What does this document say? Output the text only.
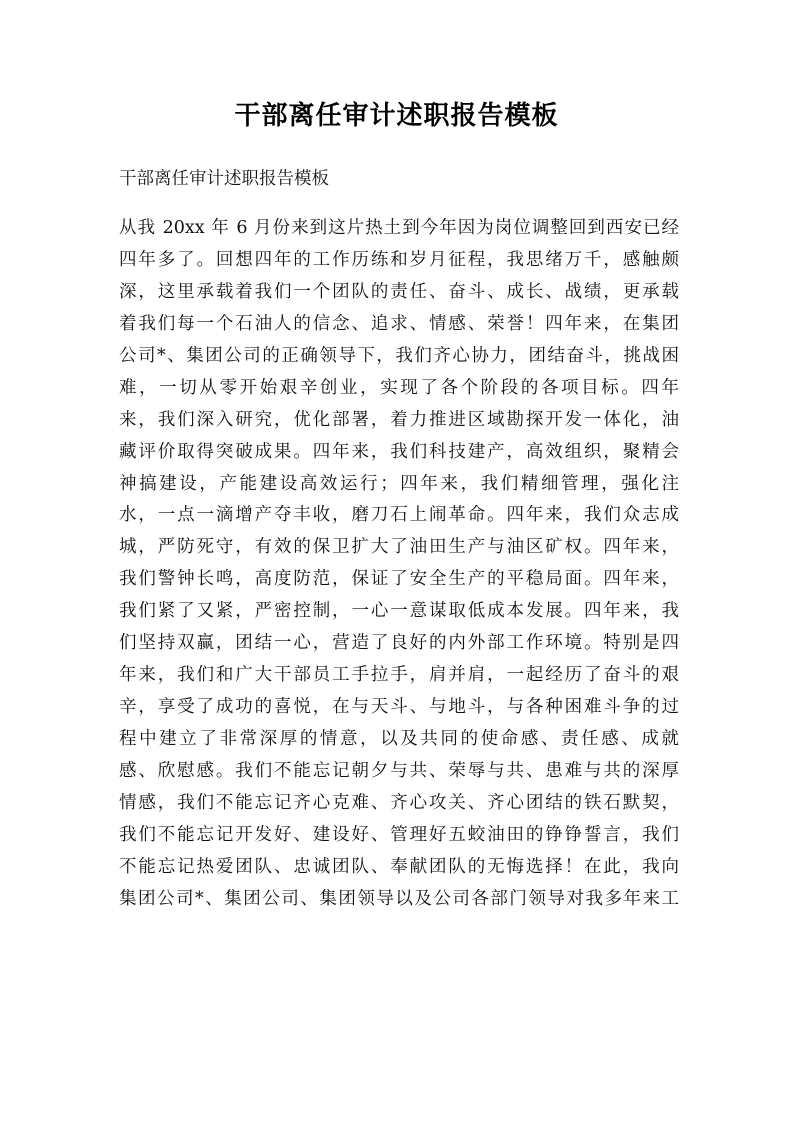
干部离任审计述职报告模板
干部离任审计述职报告模板
从我 20xx 年 6 月份来到这片热土到今年因为岗位调整回到西安已经
四年多了。回想四年的工作历练和岁月征程，我思绪万千，感触颇
深，这里承载着我们一个团队的责任、奋斗、成长、战绩，更承载
着我们每一个石油人的信念、追求、情感、荣誉！四年来，在集团
公司*、集团公司的正确领导下，我们齐心协力，团结奋斗，挑战困
难，一切从零开始艰辛创业，实现了各个阶段的各项目标。四年
来，我们深入研究，优化部署，着力推进区域勘探开发一体化，油
藏评价取得突破成果。四年来，我们科技建产，高效组织，聚精会
神搞建设，产能建设高效运行；四年来，我们精细管理，强化注
水，一点一滴增产夺丰收，磨刀石上闹革命。四年来，我们众志成
城，严防死守，有效的保卫扩大了油田生产与油区矿权。四年来，
我们警钟长鸣，高度防范，保证了安全生产的平稳局面。四年来，
我们紧了又紧，严密控制，一心一意谋取低成本发展。四年来，我
们坚持双赢，团结一心，营造了良好的内外部工作环境。特别是四
年来，我们和广大干部员工手拉手，肩并肩，一起经历了奋斗的艰
辛，享受了成功的喜悦，在与天斗、与地斗，与各种困难斗争的过
程中建立了非常深厚的情意，以及共同的使命感、责任感、成就
感、欣慰感。我们不能忘记朝夕与共、荣辱与共、患难与共的深厚
情感，我们不能忘记齐心克难、齐心攻关、齐心团结的铁石默契，
我们不能忘记开发好、建设好、管理好五蛟油田的铮铮誓言，我们
不能忘记热爱团队、忠诚团队、奉献团队的无悔选择！在此，我向
集团公司*、集团公司、集团领导以及公司各部门领导对我多年来工
